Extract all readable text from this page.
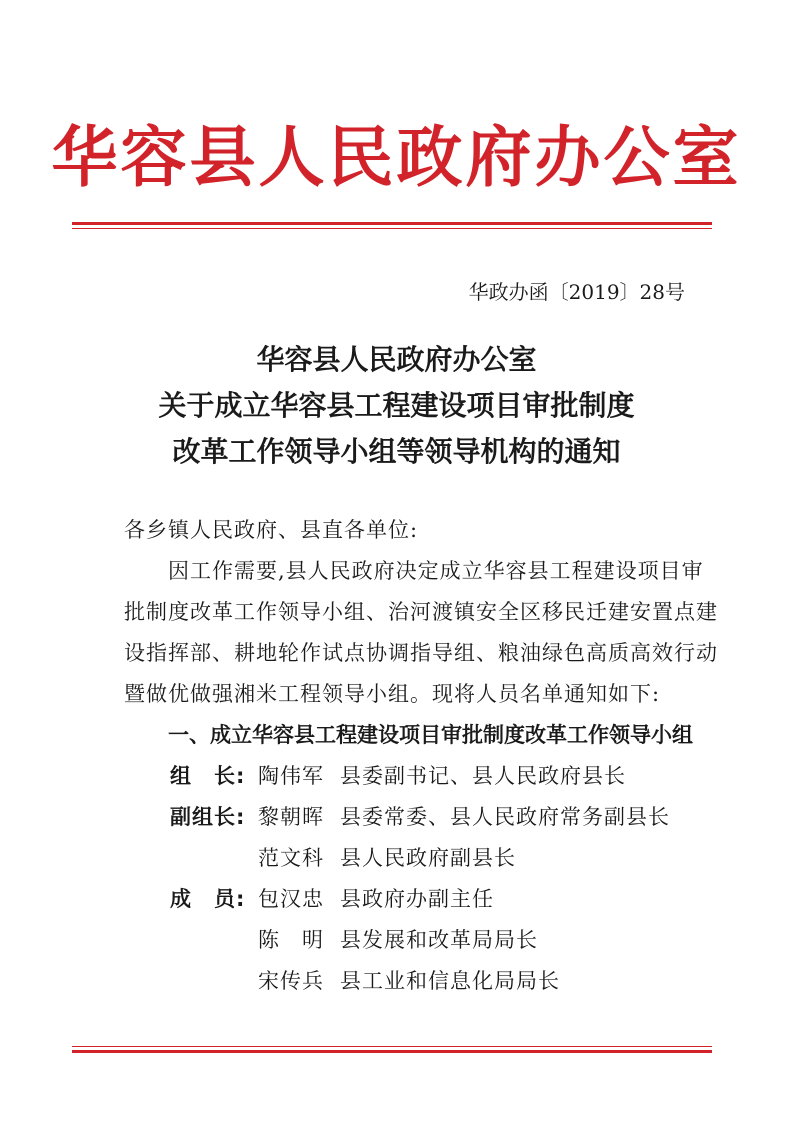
华容县人民政府办公室
华政办函〔2019〕28号
华容县人民政府办公室
关于成立华容县工程建设项目审批制度
改革工作领导小组等领导机构的通知
各乡镇人民政府、县直各单位:
因工作需要,县人民政府决定成立华容县工程建设项目审
批制度改革工作领导小组、治河渡镇安全区移民迁建安置点建
设指挥部、耕地轮作试点协调指导组、粮油绿色高质高效行动
暨做优做强湘米工程领导小组。现将人员名单通知如下:
一、成立华容县工程建设项目审批制度改革工作领导小组
组　长: 陶伟军 县委副书记、县人民政府县长
副组长: 黎朝晖 县委常委、县人民政府常务副县长
范文科 县人民政府副县长
成　员: 包汉忠 县政府办副主任
陈　明 县发展和改革局局长
宋传兵 县工业和信息化局局长
